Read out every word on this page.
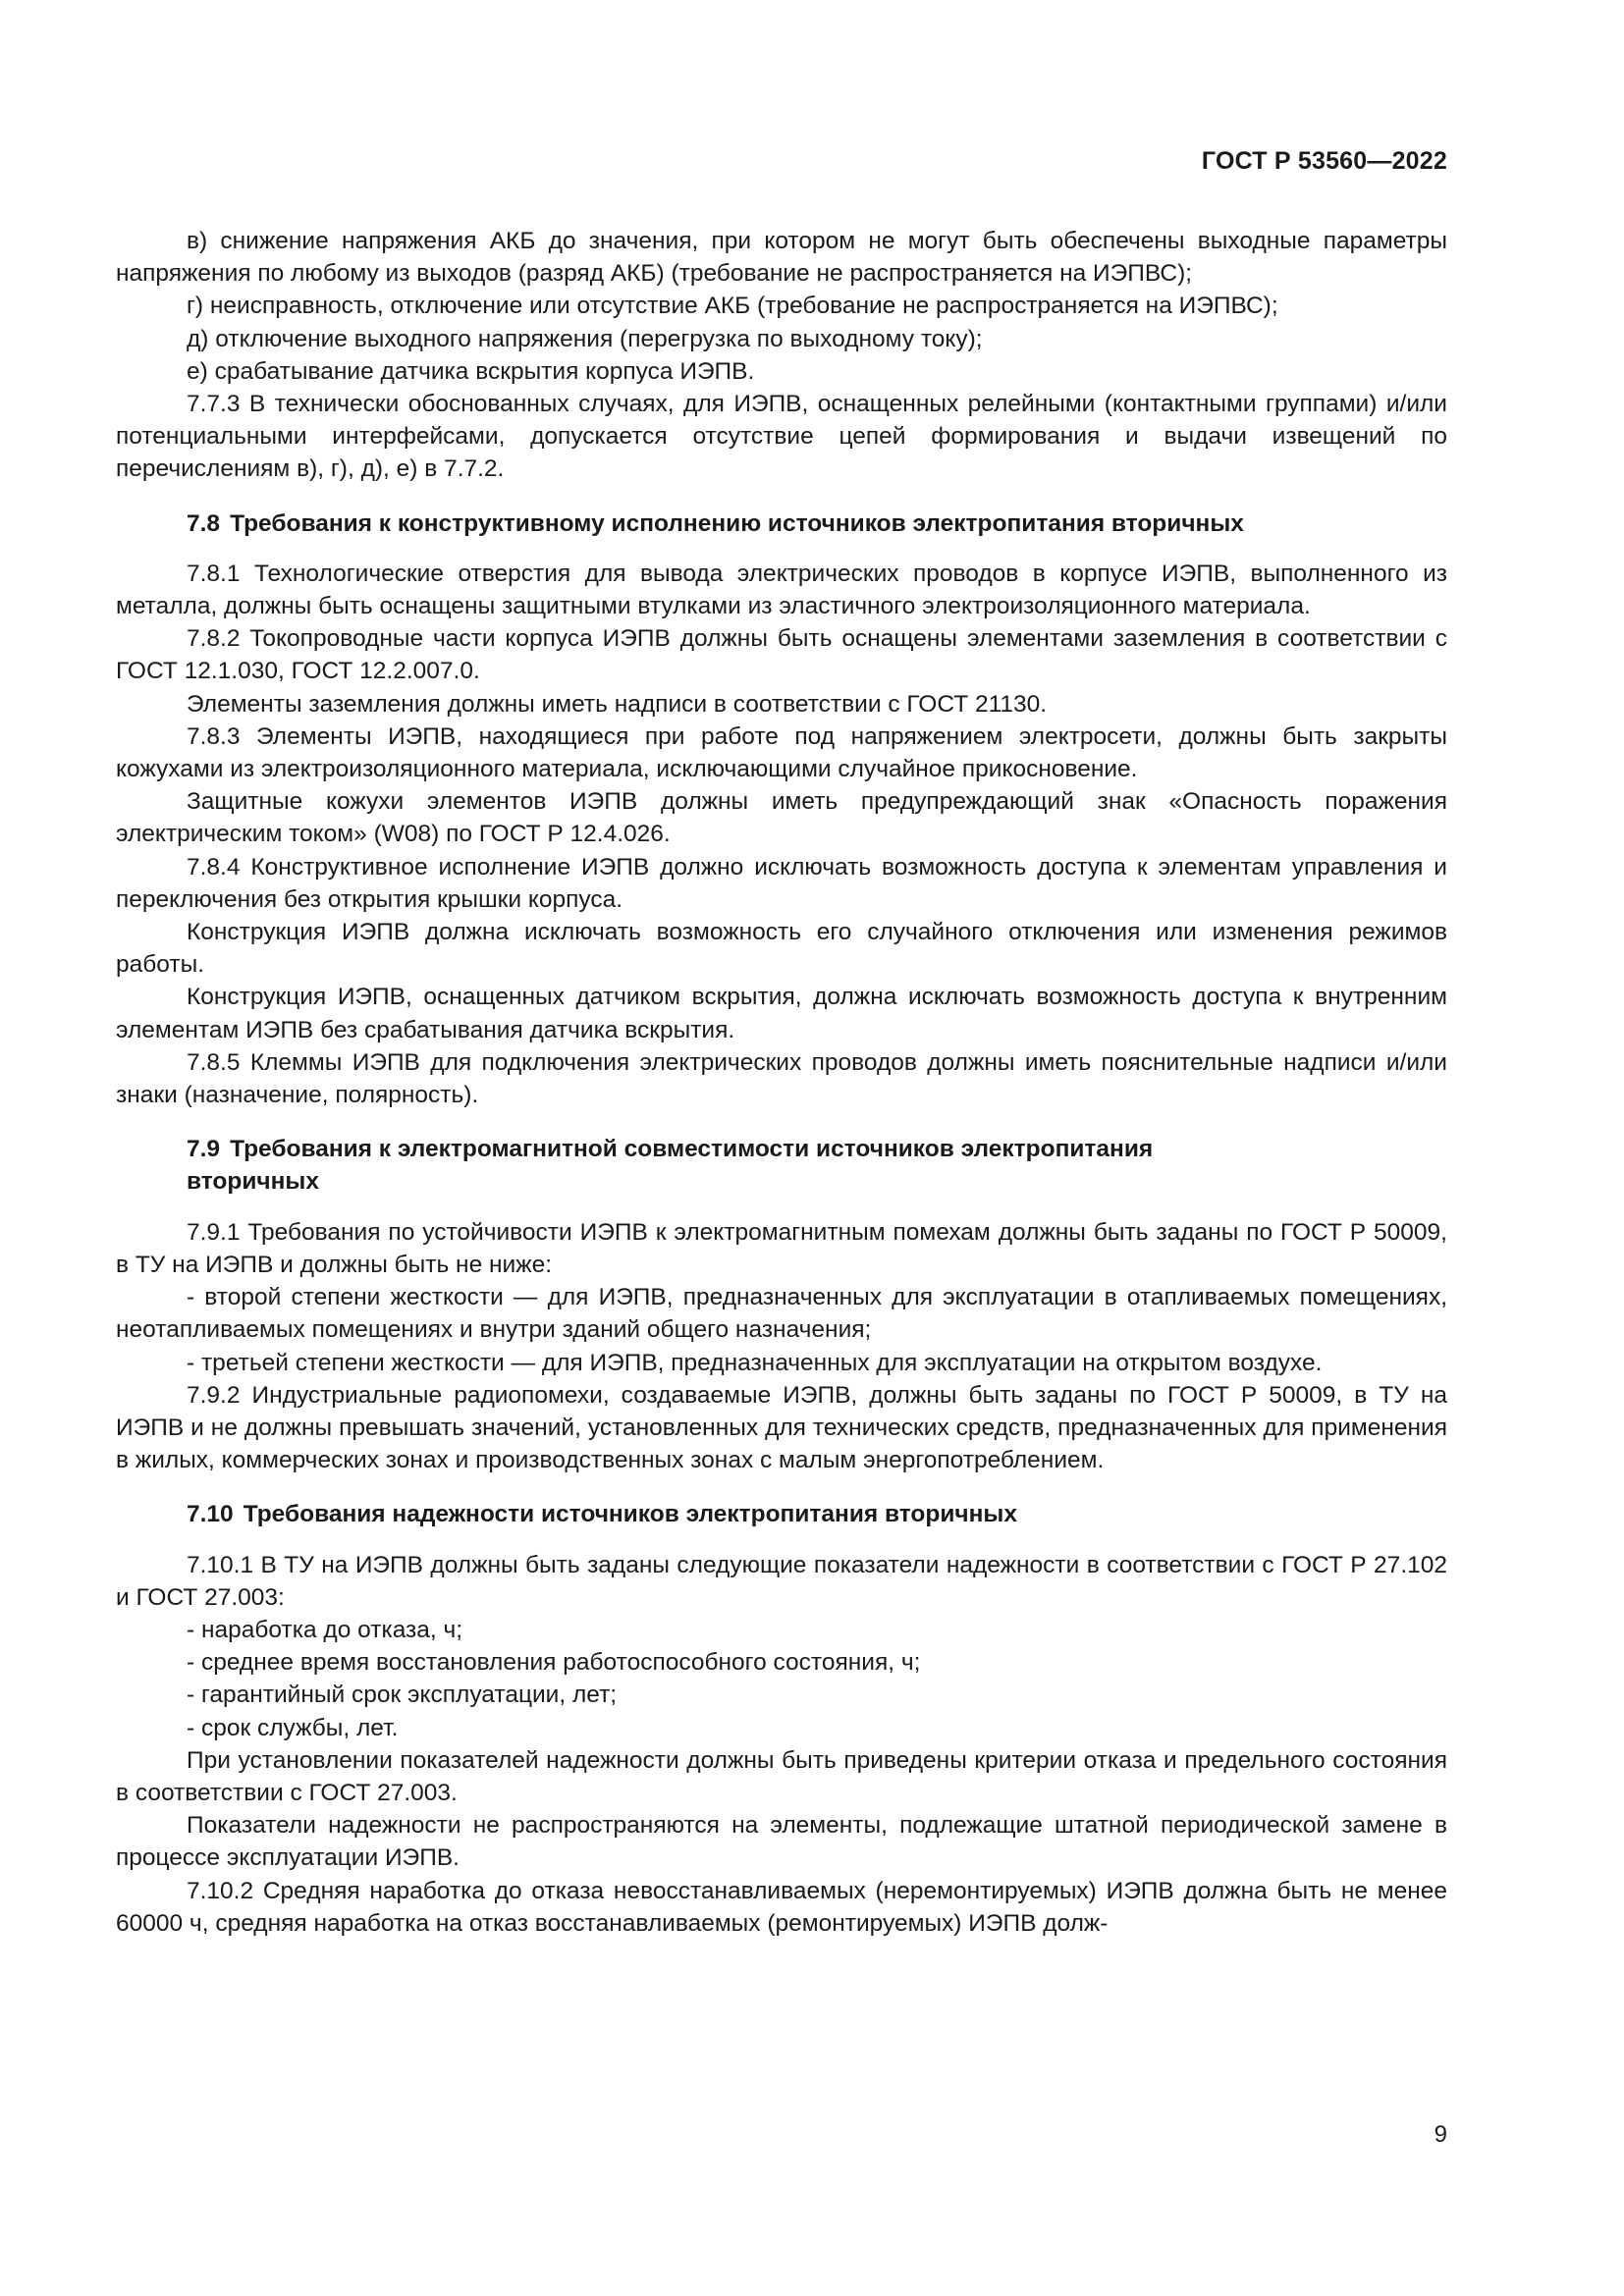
ГОСТ Р 53560—2022

в) снижение напряжения АКБ до значения, при котором не могут быть обеспечены выходные параметры напряжения по любому из выходов (разряд АКБ) (требование не распространяется на ИЭПВС);

г) неисправность, отключение или отсутствие АКБ (требование не распространяется на ИЭПВС);

д) отключение выходного напряжения (перегрузка по выходному току);

е) срабатывание датчика вскрытия корпуса ИЭПВ.

7.7.3 В технически обоснованных случаях, для ИЭПВ, оснащенных релейными (контактными группами) и/или потенциальными интерфейсами, допускается отсутствие цепей формирования и выдачи извещений по перечислениям в), г), д), е) в 7.7.2.

7.8 Требования к конструктивному исполнению источников электропитания вторичных

7.8.1 Технологические отверстия для вывода электрических проводов в корпусе ИЭПВ, выполненного из металла, должны быть оснащены защитными втулками из эластичного электроизоляционного материала.

7.8.2 Токопроводные части корпуса ИЭПВ должны быть оснащены элементами заземления в соответствии с ГОСТ 12.1.030, ГОСТ 12.2.007.0.

Элементы заземления должны иметь надписи в соответствии с ГОСТ 21130.

7.8.3 Элементы ИЭПВ, находящиеся при работе под напряжением электросети, должны быть закрыты кожухами из электроизоляционного материала, исключающими случайное прикосновение.

Защитные кожухи элементов ИЭПВ должны иметь предупреждающий знак «Опасность поражения электрическим током» (W08) по ГОСТ Р 12.4.026.

7.8.4 Конструктивное исполнение ИЭПВ должно исключать возможность доступа к элементам управления и переключения без открытия крышки корпуса.

Конструкция ИЭПВ должна исключать возможность его случайного отключения или изменения режимов работы.

Конструкция ИЭПВ, оснащенных датчиком вскрытия, должна исключать возможность доступа к внутренним элементам ИЭПВ без срабатывания датчика вскрытия.

7.8.5 Клеммы ИЭПВ для подключения электрических проводов должны иметь пояснительные надписи и/или знаки (назначение, полярность).

7.9 Требования к электромагнитной совместимости источников электропитания вторичных

7.9.1 Требования по устойчивости ИЭПВ к электромагнитным помехам должны быть заданы по ГОСТ Р 50009, в ТУ на ИЭПВ и должны быть не ниже:

- второй степени жесткости — для ИЭПВ, предназначенных для эксплуатации в отапливаемых помещениях, неотапливаемых помещениях и внутри зданий общего назначения;

- третьей степени жесткости — для ИЭПВ, предназначенных для эксплуатации на открытом воздухе.

7.9.2 Индустриальные радиопомехи, создаваемые ИЭПВ, должны быть заданы по ГОСТ Р 50009, в ТУ на ИЭПВ и не должны превышать значений, установленных для технических средств, предназначенных для применения в жилых, коммерческих зонах и производственных зонах с малым энергопотреблением.

7.10 Требования надежности источников электропитания вторичных

7.10.1 В ТУ на ИЭПВ должны быть заданы следующие показатели надежности в соответствии с ГОСТ Р 27.102 и ГОСТ 27.003:

- наработка до отказа, ч;

- среднее время восстановления работоспособного состояния, ч;

- гарантийный срок эксплуатации, лет;

- срок службы, лет.

При установлении показателей надежности должны быть приведены критерии отказа и предельного состояния в соответствии с ГОСТ 27.003.

Показатели надежности не распространяются на элементы, подлежащие штатной периодической замене в процессе эксплуатации ИЭПВ.

7.10.2 Средняя наработка до отказа невосстанавливаемых (неремонтируемых) ИЭПВ должна быть не менее 60000 ч, средняя наработка на отказ восстанавливаемых (ремонтируемых) ИЭПВ долж-

9
